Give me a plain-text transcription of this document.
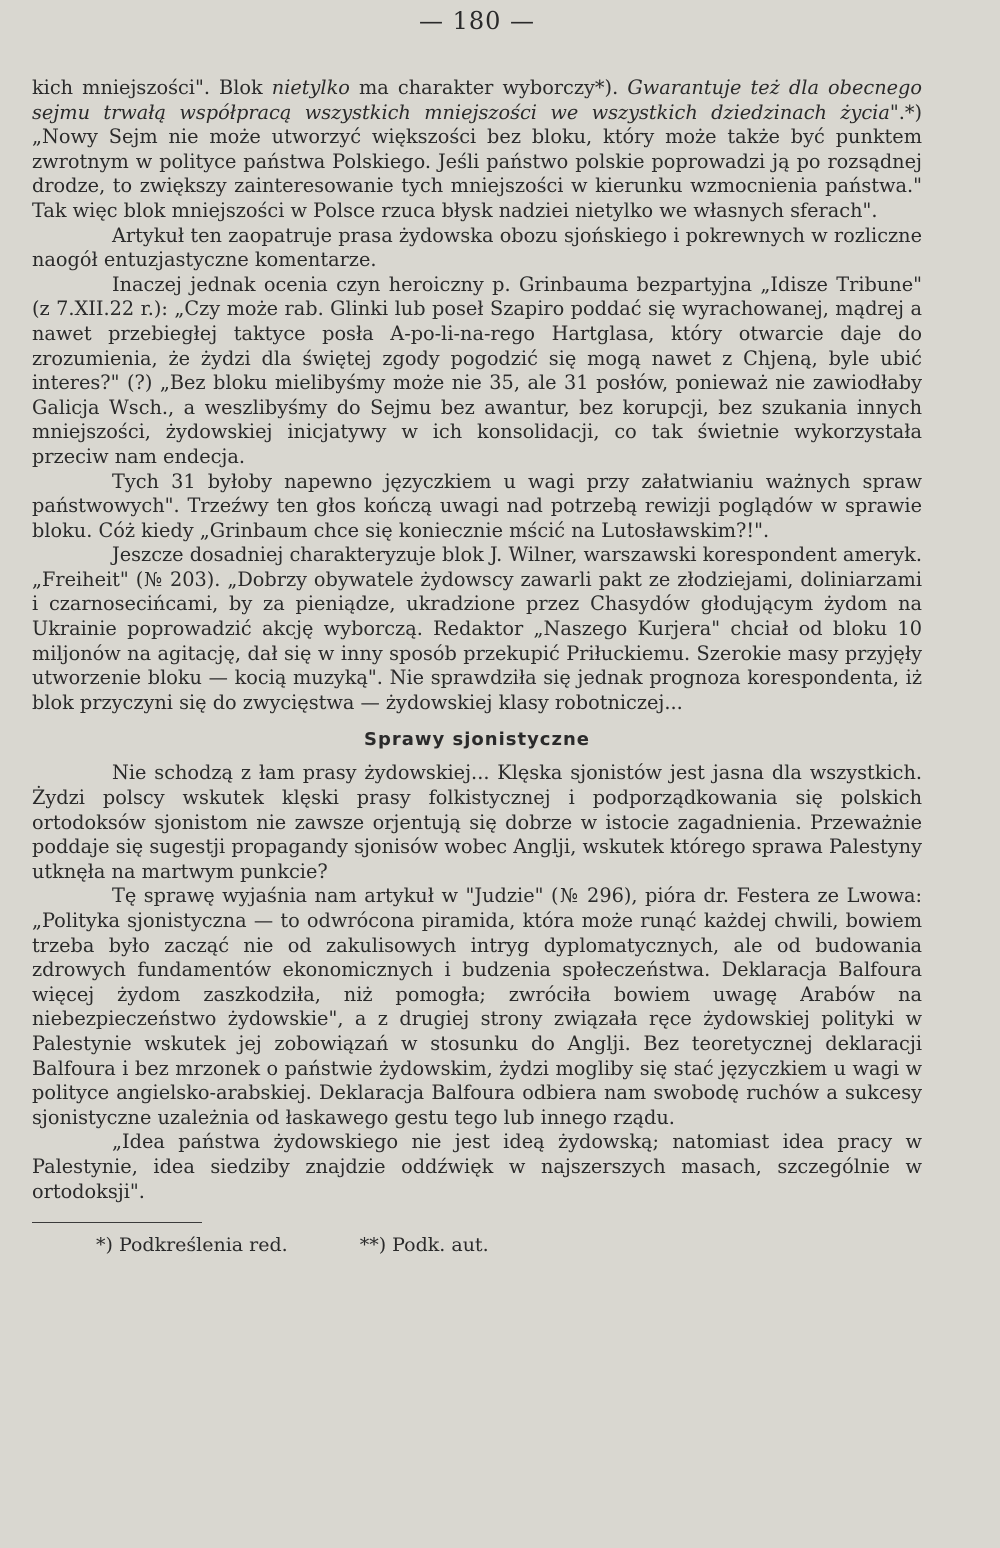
— 180 —

kich mniejszości". Blok nietylko ma charakter wyborczy*). Gwarantuje też dla obecnego sejmu trwałą współpracą wszystkich mniejszości we wszystkich dziedzinach życia".*) „Nowy Sejm nie może utworzyć większości bez bloku, który może także być punktem zwrotnym w polityce państwa Polskiego. Jeśli państwo polskie poprowadzi ją po rozsądnej drodze, to zwiększy zainteresowanie tych mniejszości w kierunku wzmocnienia państwa." Tak więc blok mniejszości w Polsce rzuca błysk nadziei nietylko we własnych sferach".

Artykuł ten zaopatruje prasa żydowska obozu sjońskiego i pokrewnych w rozliczne naogół entuzjastyczne komentarze.

Inaczej jednak ocenia czyn heroiczny p. Grinbauma bezpartyjna „Idisze Tribune" (z 7.XII.22 r.): „Czy może rab. Glinki lub poseł Szapiro poddać się wyrachowanej, mądrej a nawet przebiegłej taktyce posła A-po-li-na-rego Hartglasa, który otwarcie daje do zrozumienia, że żydzi dla świętej zgody pogodzić się mogą nawet z Chjeną, byle ubić interes?" (?) „Bez bloku mielibyśmy może nie 35, ale 31 posłów, ponieważ nie zawiodłaby Galicja Wsch., a weszlibyśmy do Sejmu bez awantur, bez korupcji, bez szukania innych mniejszości, żydowskiej inicjatywy w ich konsolidacji, co tak świetnie wykorzystała przeciw nam endecja.

Tych 31 byłoby napewno języczkiem u wagi przy załatwianiu ważnych spraw państwowych". Trzeźwy ten głos kończą uwagi nad potrzebą rewizji poglądów w sprawie bloku. Cóż kiedy „Grinbaum chce się koniecznie mścić na Lutosławskim?!".

Jeszcze dosadniej charakteryzuje blok J. Wilner, warszawski korespondent ameryk. „Freiheit" (№ 203). „Dobrzy obywatele żydowscy zawarli pakt ze złodziejami, doliniarzami i czarnosecińcami, by za pieniądze, ukradzione przez Chasydów głodującym żydom na Ukrainie poprowadzić akcję wyborczą. Redaktor „Naszego Kurjera" chciał od bloku 10 miljonów na agitację, dał się w inny sposób przekupić Priłuckiemu. Szerokie masy przyjęły utworzenie bloku — kocią muzyką". Nie sprawdziła się jednak prognoza korespondenta, iż blok przyczyni się do zwycięstwa — żydowskiej klasy robotniczej...

Sprawy sjonistyczne

Nie schodzą z łam prasy żydowskiej... Klęska sjonistów jest jasna dla wszystkich. Żydzi polscy wskutek klęski prasy folkistycznej i podporządkowania się polskich ortodoksów sjonistom nie zawsze orjentują się dobrze w istocie zagadnienia. Przeważnie poddaje się sugestji propagandy sjonisów wobec Anglji, wskutek którego sprawa Palestyny utknęła na martwym punkcie?

Tę sprawę wyjaśnia nam artykuł w "Judzie" (№ 296), pióra dr. Festera ze Lwowa: „Polityka sjonistyczna — to odwrócona piramida, która może runąć każdej chwili, bowiem trzeba było zacząć nie od zakulisowych intryg dyplomatycznych, ale od budowania zdrowych fundamentów ekonomicznych i budzenia społeczeństwa. Deklaracja Balfoura więcej żydom zaszkodziła, niż pomogła; zwróciła bowiem uwagę Arabów na niebezpieczeństwo żydowskie", a z drugiej strony związała ręce żydowskiej polityki w Palestynie wskutek jej zobowiązań w stosunku do Anglji. Bez teoretycznej deklaracji Balfoura i bez mrzonek o państwie żydowskim, żydzi mogliby się stać języczkiem u wagi w polityce angielsko-arabskiej. Deklaracja Balfoura odbiera nam swobodę ruchów a sukcesy sjonistyczne uzależnia od łaskawego gestu tego lub innego rządu.

„Idea państwa żydowskiego nie jest ideą żydowską; natomiast idea pracy w Palestynie, idea siedziby znajdzie oddźwięk w najszerszych masach, szczególnie w ortodoksji".

*) Podkreślenia red.	**) Podk. aut.
